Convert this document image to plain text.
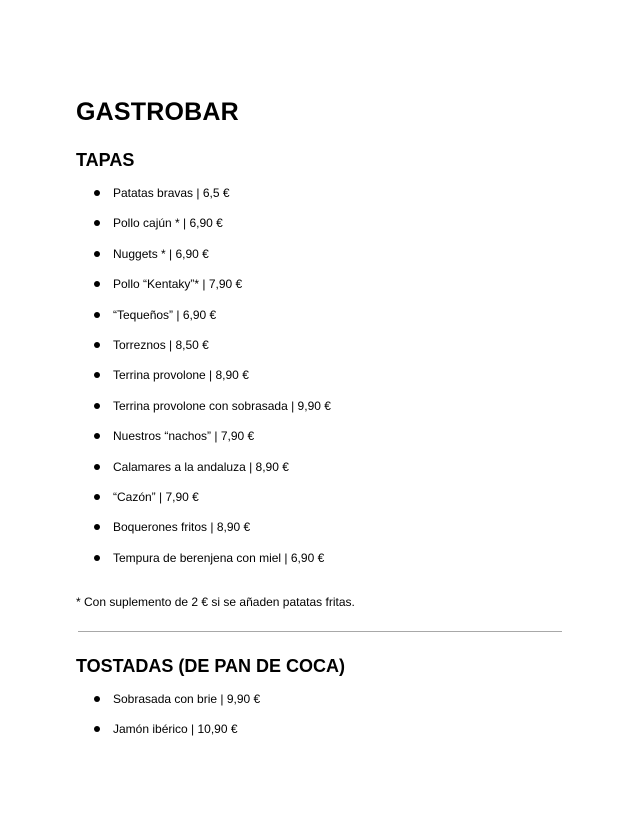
GASTROBAR
TAPAS
Patatas bravas | 6,5 €
Pollo cajún * | 6,90 €
Nuggets * | 6,90 €
Pollo “Kentaky”* | 7,90 €
“Tequeños” | 6,90 €
Torreznos | 8,50 €
Terrina provolone | 8,90 €
Terrina provolone con sobrasada | 9,90 €
Nuestros “nachos” | 7,90 €
Calamares a la andaluza | 8,90 €
“Cazón” | 7,90 €
Boquerones fritos | 8,90 €
Tempura de berenjena con miel | 6,90 €

* Con suplemento de 2 € si se añaden patatas fritas.

TOSTADAS (DE PAN DE COCA)
Sobrasada con brie | 9,90 €
Jamón ibérico | 10,90 €
